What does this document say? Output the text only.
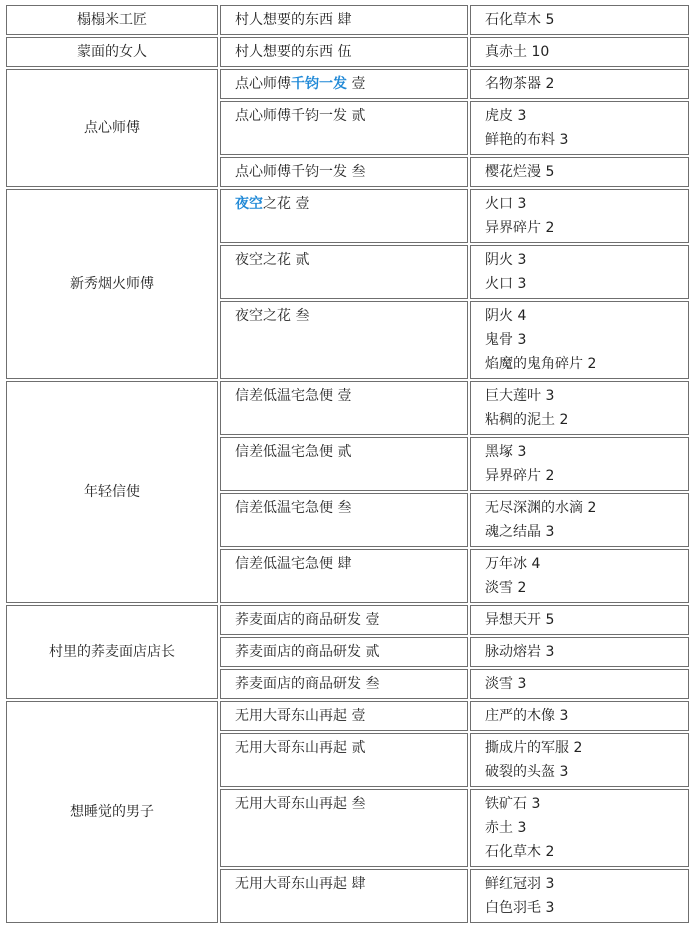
榻榻米工匠	村人想要的东西 肆	石化草木 5

蒙面的女人	村人想要的东西 伍	真赤土 10

点心师傅	点心师傅千钧一发 壹	名物茶器 2

	点心师傅千钧一发 贰	虎皮 3
鲜艳的布料 3

	点心师傅千钧一发 叁	樱花烂漫 5

新秀烟火师傅	夜空之花 壹	火口 3
异界碎片 2

	夜空之花 贰	阴火 3
火口 3

	夜空之花 叁	阴火 4
鬼骨 3
焰魔的鬼角碎片 2

年轻信使	信差低温宅急便 壹	巨大莲叶 3
粘稠的泥土 2

	信差低温宅急便 贰	黑塚 3
异界碎片 2

	信差低温宅急便 叁	无尽深渊的水滴 2
魂之结晶 3

	信差低温宅急便 肆	万年冰 4
淡雪 2

村里的荞麦面店店长	荞麦面店的商品研发 壹	异想天开 5

	荞麦面店的商品研发 贰	脉动熔岩 3

	荞麦面店的商品研发 叁	淡雪 3

想睡觉的男子	无用大哥东山再起 壹	庄严的木像 3

	无用大哥东山再起 贰	撕成片的军服 2
破裂的头盔 3

	无用大哥东山再起 叁	铁矿石 3
赤土 3
石化草木 2

	无用大哥东山再起 肆	鲜红冠羽 3
白色羽毛 3
